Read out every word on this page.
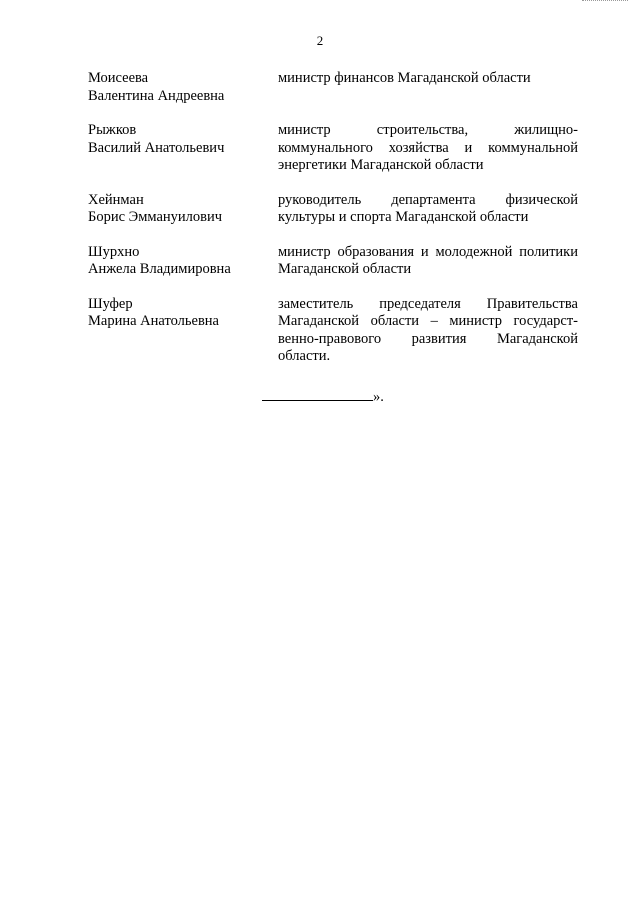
2
Моисеева
Валентина Андреевна
министр финансов Магаданской области
Рыжков
Василий Анатольевич
министр строительства, жилищно-
коммунального хозяйства и коммунальной
энергетики Магаданской области
Хейнман
Борис Эммануилович
руководитель департамента физической
культуры и спорта Магаданской области
Шурхно
Анжела Владимировна
министр образования и молодежной политики
Магаданской области
Шуфер
Марина Анатольевна
заместитель председателя Правительства
Магаданской области – министр государст-
венно-правового развития Магаданской
области.
».
